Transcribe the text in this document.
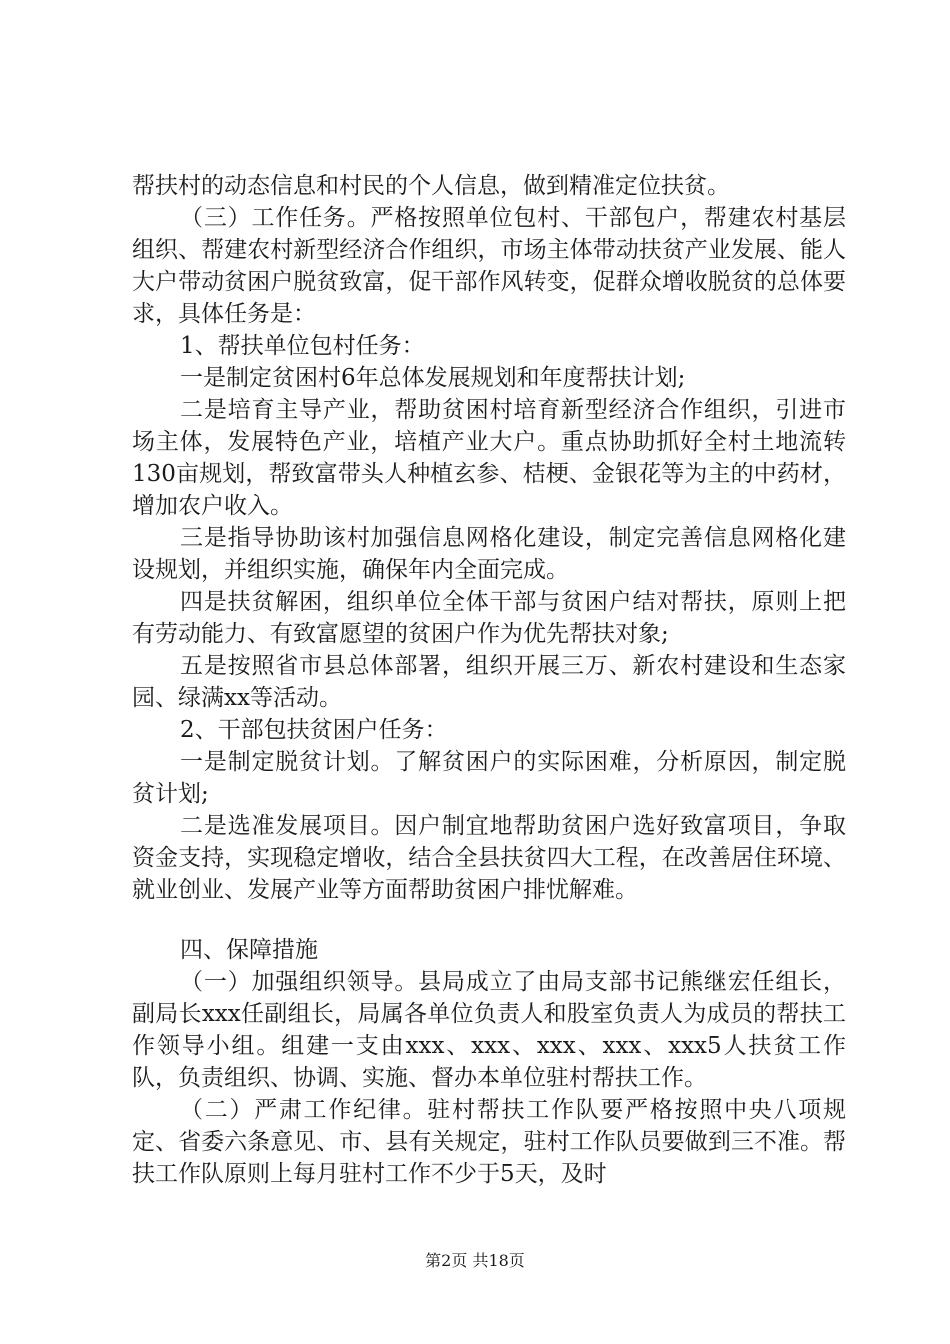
帮扶村的动态信息和村民的个人信息，做到精准定位扶贫。

（三）工作任务。严格按照单位包村、干部包户，帮建农村基层组织、帮建农村新型经济合作组织，市场主体带动扶贫产业发展、能人大户带动贫困户脱贫致富，促干部作风转变，促群众增收脱贫的总体要求，具体任务是：

1、帮扶单位包村任务：

一是制定贫困村6年总体发展规划和年度帮扶计划;

二是培育主导产业，帮助贫困村培育新型经济合作组织，引进市场主体，发展特色产业，培植产业大户。重点协助抓好全村土地流转130亩规划，帮致富带头人种植玄参、桔梗、金银花等为主的中药材，增加农户收入。

三是指导协助该村加强信息网格化建设，制定完善信息网格化建设规划，并组织实施，确保年内全面完成。

四是扶贫解困，组织单位全体干部与贫困户结对帮扶，原则上把有劳动能力、有致富愿望的贫困户作为优先帮扶对象;

五是按照省市县总体部署，组织开展三万、新农村建设和生态家园、绿满xx等活动。

2、干部包扶贫困户任务：

一是制定脱贫计划。了解贫困户的实际困难，分析原因，制定脱贫计划;

二是选准发展项目。因户制宜地帮助贫困户选好致富项目，争取资金支持，实现稳定增收，结合全县扶贫四大工程，在改善居住环境、就业创业、发展产业等方面帮助贫困户排忧解难。

四、保障措施

（一）加强组织领导。县局成立了由局支部书记熊继宏任组长，副局长xxx任副组长，局属各单位负责人和股室负责人为成员的帮扶工作领导小组。组建一支由xxx、xxx、xxx、xxx、xxx5人扶贫工作队，负责组织、协调、实施、督办本单位驻村帮扶工作。

（二）严肃工作纪律。驻村帮扶工作队要严格按照中央八项规定、省委六条意见、市、县有关规定，驻村工作队员要做到三不准。帮扶工作队原则上每月驻村工作不少于5天，及时

第2页 共18页
